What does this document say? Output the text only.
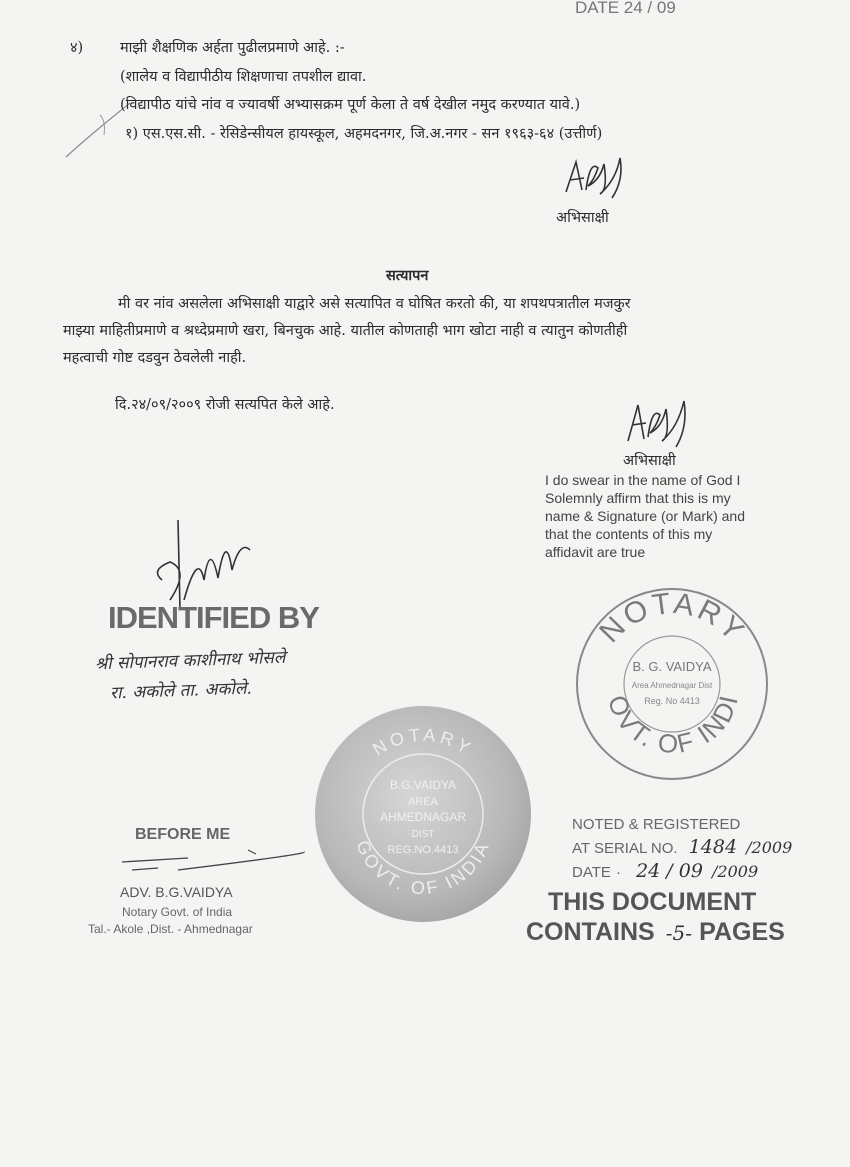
DATE 24 / 09
४)	माझी शैक्षणिक अर्हता पुढीलप्रमाणे आहे. :-
(शालेय व विद्यापीठीय शिक्षणाचा तपशील द्यावा.
(विद्यापीठ यांचे नांव व ज्यावर्षी अभ्यासक्रम पूर्ण केला ते वर्ष देखील नमुद करण्यात यावे.)
१) एस.एस.सी. - रेसिडेन्सीयल हायस्कूल, अहमदनगर, जि.अ.नगर - सन १९६३-६४ (उत्तीर्ण)
अभिसाक्षी
सत्यापन
मी वर नांव असलेला अभिसाक्षी याद्वारे असे सत्यापित व घोषित करतो की, या शपथपत्रातील मजकुर
माझ्या माहितीप्रमाणे व श्रध्देप्रमाणे खरा, बिनचुक आहे. यातील कोणताही भाग खोटा नाही व त्यातुन कोणतीही
महत्वाची गोष्ट दडवुन ठेवलेली नाही.
दि.२४/०९/२००९ रोजी सत्यपित केले आहे.
अभिसाक्षी
I do swear in the name of God I
Solemnly affirm that this is my
name & Signature (or Mark) and
that the contents of this my
affidavit are true
IDENTIFIED BY
श्री सोपानराव काशीनाथ भोसले
रा. अकोले ता. अकोले.
NOTARY
OVT. OF INDI
B. G. VAIDYA
Area Ahmednagar Dist
Reg. No 4413
NOTARY
GOVT. OF INDIA
B.G.VAIDYA
AREA
AHMEDNAGAR
DIST
REG.NO.4413
BEFORE ME
ADV. B.G.VAIDYA
Notary Govt. of India
Tal.- Akole ,Dist. - Ahmednagar
NOTED & REGISTERED
AT SERIAL NO. 1484 /2009
DATE · 24 / 09 /2009
THIS DOCUMENT
CONTAINS -5- PAGES
